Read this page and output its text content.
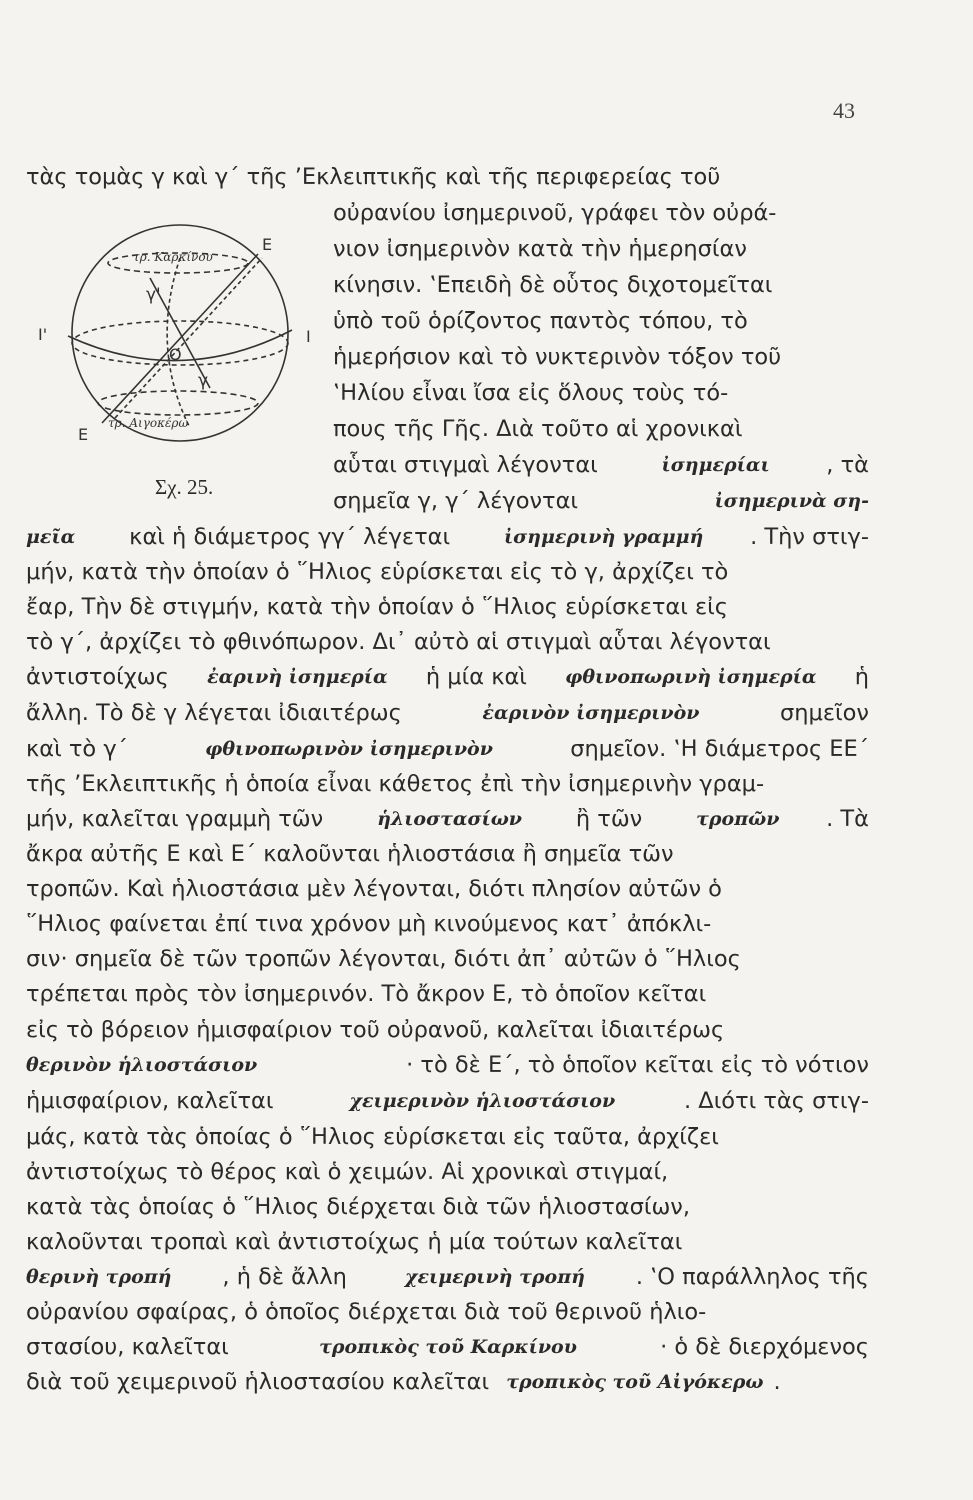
43
Ε
Ε
Ι'	Ι
γ'
γ
Ο
τρ. Καρκίνου
τρ. Αιγοκέρω
Σχ. 25.
τὰς τομὰς γ καὶ γ΄ τῆς ’Εκλειπτικῆς καὶ τῆς περιφερείας τοῦ
οὐρανίου ἰσημερινοῦ, γράφει τὸν οὐρά-
νιον ἰσημερινὸν κατὰ τὴν ἡμερησίαν
κίνησιν. ‛Επειδὴ δὲ οὗτος διχοτομεῖται
ὑπὸ τοῦ ὁρίζοντος παντὸς τόπου, τὸ
ἡμερήσιον καὶ τὸ νυκτερινὸν τόξον τοῦ
‛Ηλίου εἶναι ἴσα εἰς ὅλους τοὺς τό-
πους τῆς Γῆς. Διὰ τοῦτο αἱ χρονικαὶ
αὗται στιγμαὶ λέγονται	ἰσημερίαι	, τὰ
σημεῖα γ, γ΄ λέγονται	ἰσημερινὰ ση-
μεῖα καὶ ἡ διάμετρος γγ΄ λέγεται ἰσημερινὴ γραμμή . Τὴν στιγ-
μήν, κατὰ τὴν ὁποίαν ὁ ῞Ηλιος εὑρίσκεται εἰς τὸ γ, ἀρχίζει τὸ
ἔαρ, Τὴν δὲ στιγμήν, κατὰ τὴν ὁποίαν ὁ ῞Ηλιος εὑρίσκεται εἰς
τὸ γ΄, ἀρχίζει τὸ φθινόπωρον. Δι᾽ αὐτὸ αἱ στιγμαὶ αὗται λέγονται
ἀντιστοίχως ἐαρινὴ ἰσημερία ἡ μία καὶ φθινοπωρινὴ ἰσημερία ἡ
ἄλλη. Τὸ δὲ γ λέγεται ἰδιαιτέρως	ἐαρινὸν ἰσημερινὸν	σημεῖον
καὶ τὸ γ΄	φθινοπωρινὸν ἰσημερινὸν	σημεῖον. ‛Η διάμετρος ΕΕ΄
τῆς ’Εκλειπτικῆς ἡ ὁποία εἶναι κάθετος ἐπὶ τὴν ἰσημερινὴν γραμ-
μήν, καλεῖται γραμμὴ τῶν ἡλιοστασίων ἢ τῶν τροπῶν . Τὰ
ἄκρα αὐτῆς Ε καὶ Ε΄ καλοῦνται ἡλιοστάσια ἢ σημεῖα τῶν
τροπῶν. Καὶ ἡλιοστάσια μὲν λέγονται, διότι πλησίον αὐτῶν ὁ
῞Ηλιος φαίνεται ἐπί τινα χρόνον μὴ κινούμενος κατ᾽ ἀπόκλι-
σιν· σημεῖα δὲ τῶν τροπῶν λέγονται, διότι ἀπ᾽ αὐτῶν ὁ ῞Ηλιος
τρέπεται πρὸς τὸν ἰσημερινόν. Τὸ ἄκρον Ε, τὸ ὁποῖον κεῖται
εἰς τὸ βόρειον ἡμισφαίριον τοῦ οὐρανοῦ, καλεῖται ἰδιαιτέρως
θερινὸν ἡλιοστάσιον	· τὸ δὲ Ε΄, τὸ ὁποῖον κεῖται εἰς τὸ νότιον
ἡμισφαίριον, καλεῖται	χειμερινὸν ἡλιοστάσιον	. Διότι τὰς στιγ-
μάς, κατὰ τὰς ὁποίας ὁ ῞Ηλιος εὑρίσκεται εἰς ταῦτα, ἀρχίζει
ἀντιστοίχως τὸ θέρος καὶ ὁ χειμών. Αἱ χρονικαὶ στιγμαί,
κατὰ τὰς ὁποίας ὁ ῞Ηλιος διέρχεται διὰ τῶν ἡλιοστασίων,
καλοῦνται τροπαὶ καὶ ἀντιστοίχως ἡ μία τούτων καλεῖται
θερινὴ τροπή , ἡ δὲ ἄλλη	χειμερινὴ τροπή . ‛Ο παράλληλος τῆς
οὐρανίου σφαίρας, ὁ ὁποῖος διέρχεται διὰ τοῦ θερινοῦ ἡλιο-
στασίου, καλεῖται	τροπικὸς τοῦ Καρκίνου	· ὁ δὲ διερχόμενος
διὰ τοῦ χειμερινοῦ ἡλιοστασίου καλεῖται τροπικὸς τοῦ Αἰγόκερω .
